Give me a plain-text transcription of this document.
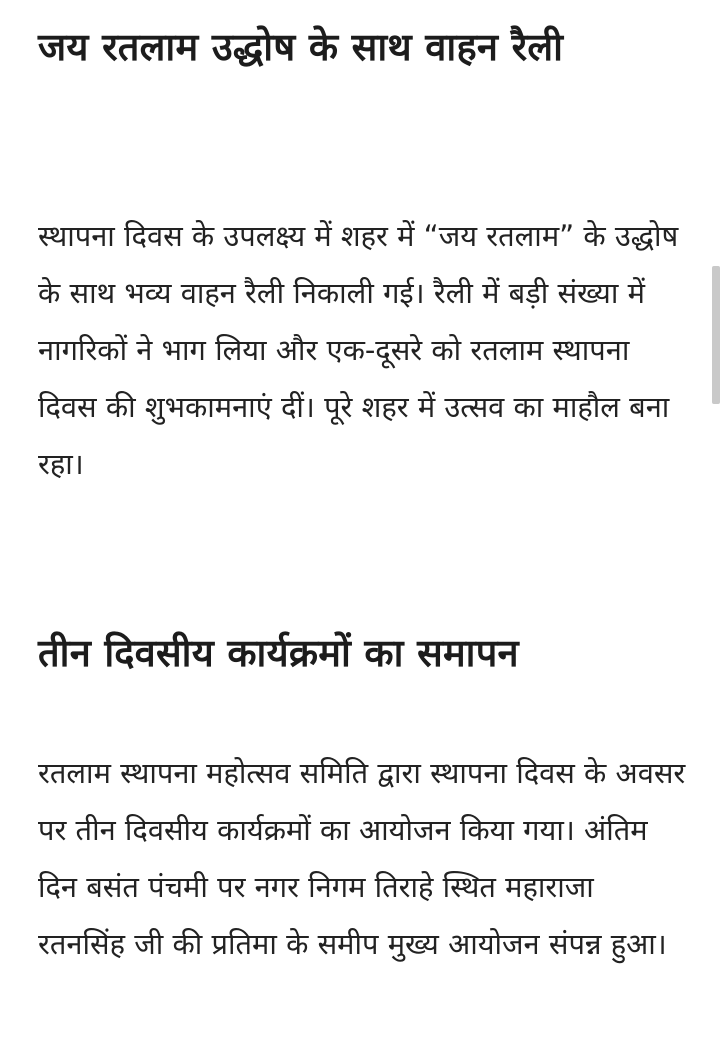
जय रतलाम उद्धोष के साथ वाहन रैली

स्थापना दिवस के उपलक्ष्य में शहर में “जय रतलाम” के उद्धोष के साथ भव्य वाहन रैली निकाली गई। रैली में बड़ी संख्या में नागरिकों ने भाग लिया और एक-दूसरे को रतलाम स्थापना दिवस की शुभकामनाएं दीं। पूरे शहर में उत्सव का माहौल बना रहा।

तीन दिवसीय कार्यक्रमों का समापन

रतलाम स्थापना महोत्सव समिति द्वारा स्थापना दिवस के अवसर पर तीन दिवसीय कार्यक्रमों का आयोजन किया गया। अंतिम दिन बसंत पंचमी पर नगर निगम तिराहे स्थित महाराजा रतनसिंह जी की प्रतिमा के समीप मुख्य आयोजन संपन्न हुआ।
